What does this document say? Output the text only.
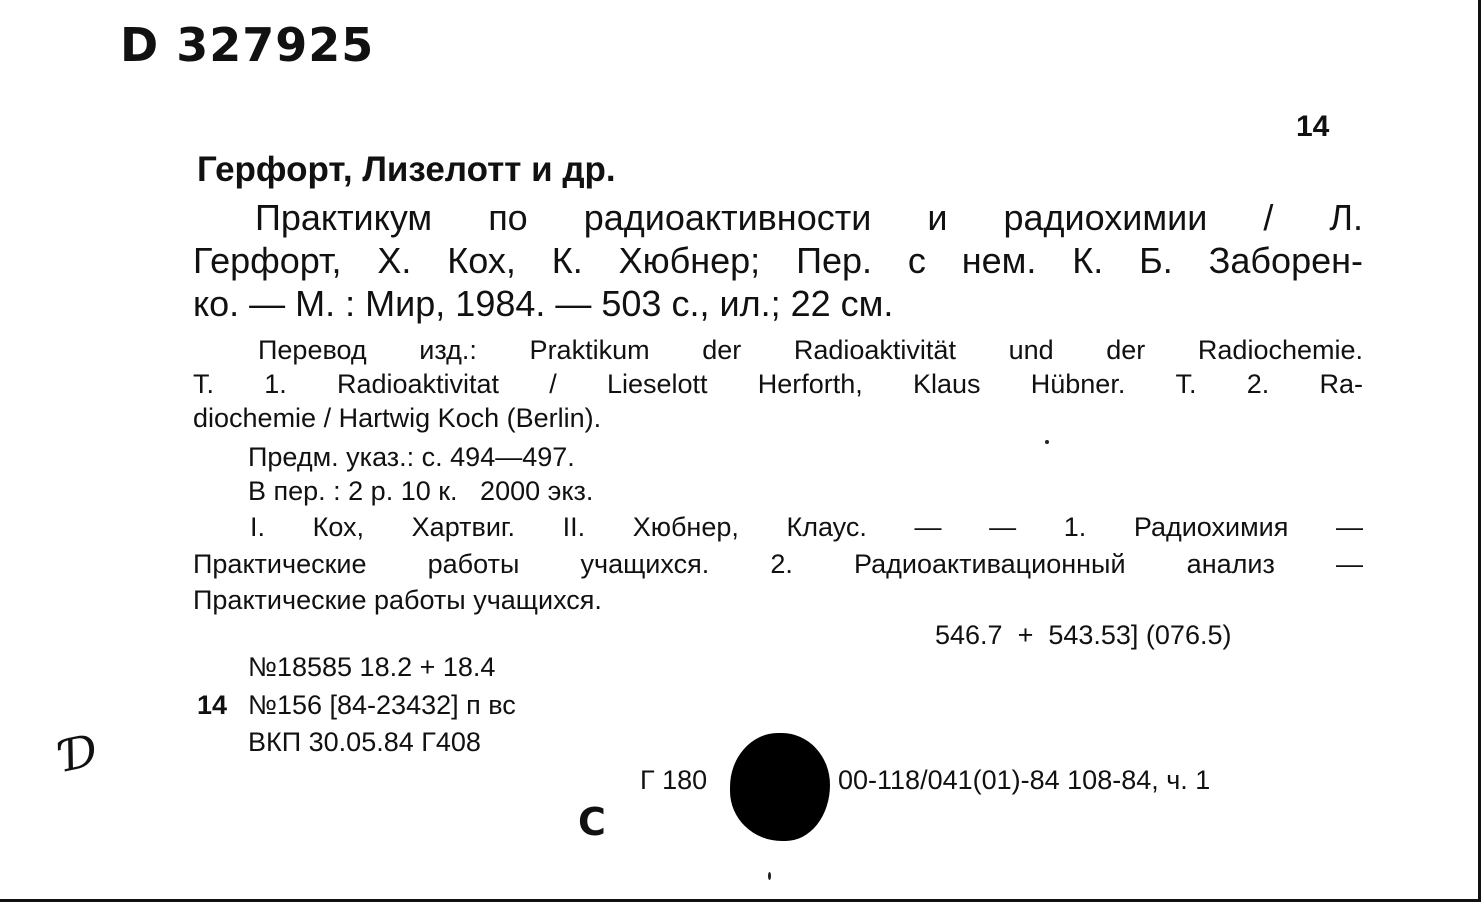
D 327925
14
Герфорт, Лизелотт и др.
Практикум по радиоактивности и радиохимии / Л.
Герфорт, Х. Кох, К. Хюбнер; Пер. с нем. К. Б. Заборен-
ко. — М. : Мир, 1984. — 503 с., ил.; 22 см.
Перевод изд.: Praktikum der Radioaktivität und der Radiochemie.
Т. 1. Radioaktivitat / Lieselott Herforth, Klaus Hübner. Т. 2. Ra-
diochemie / Hartwig Koch (Berlin).
Предм. указ.: с. 494—497.
В пер. : 2 р. 10 к.   2000 экз.
I. Кох, Хартвиг. II. Хюбнер, Клаус. — — 1. Радиохимия —
Практические работы учащихся. 2. Радиоактивационный анализ —
Практические работы учащихся.
546.7  +  543.53] (076.5)
№18585 18.2 + 18.4
14 №156 [84-23432] п вс
ВКП 30.05.84 Г408
Г 180	00-118/041(01)-84 108-84, ч. 1
С
Ɗ
